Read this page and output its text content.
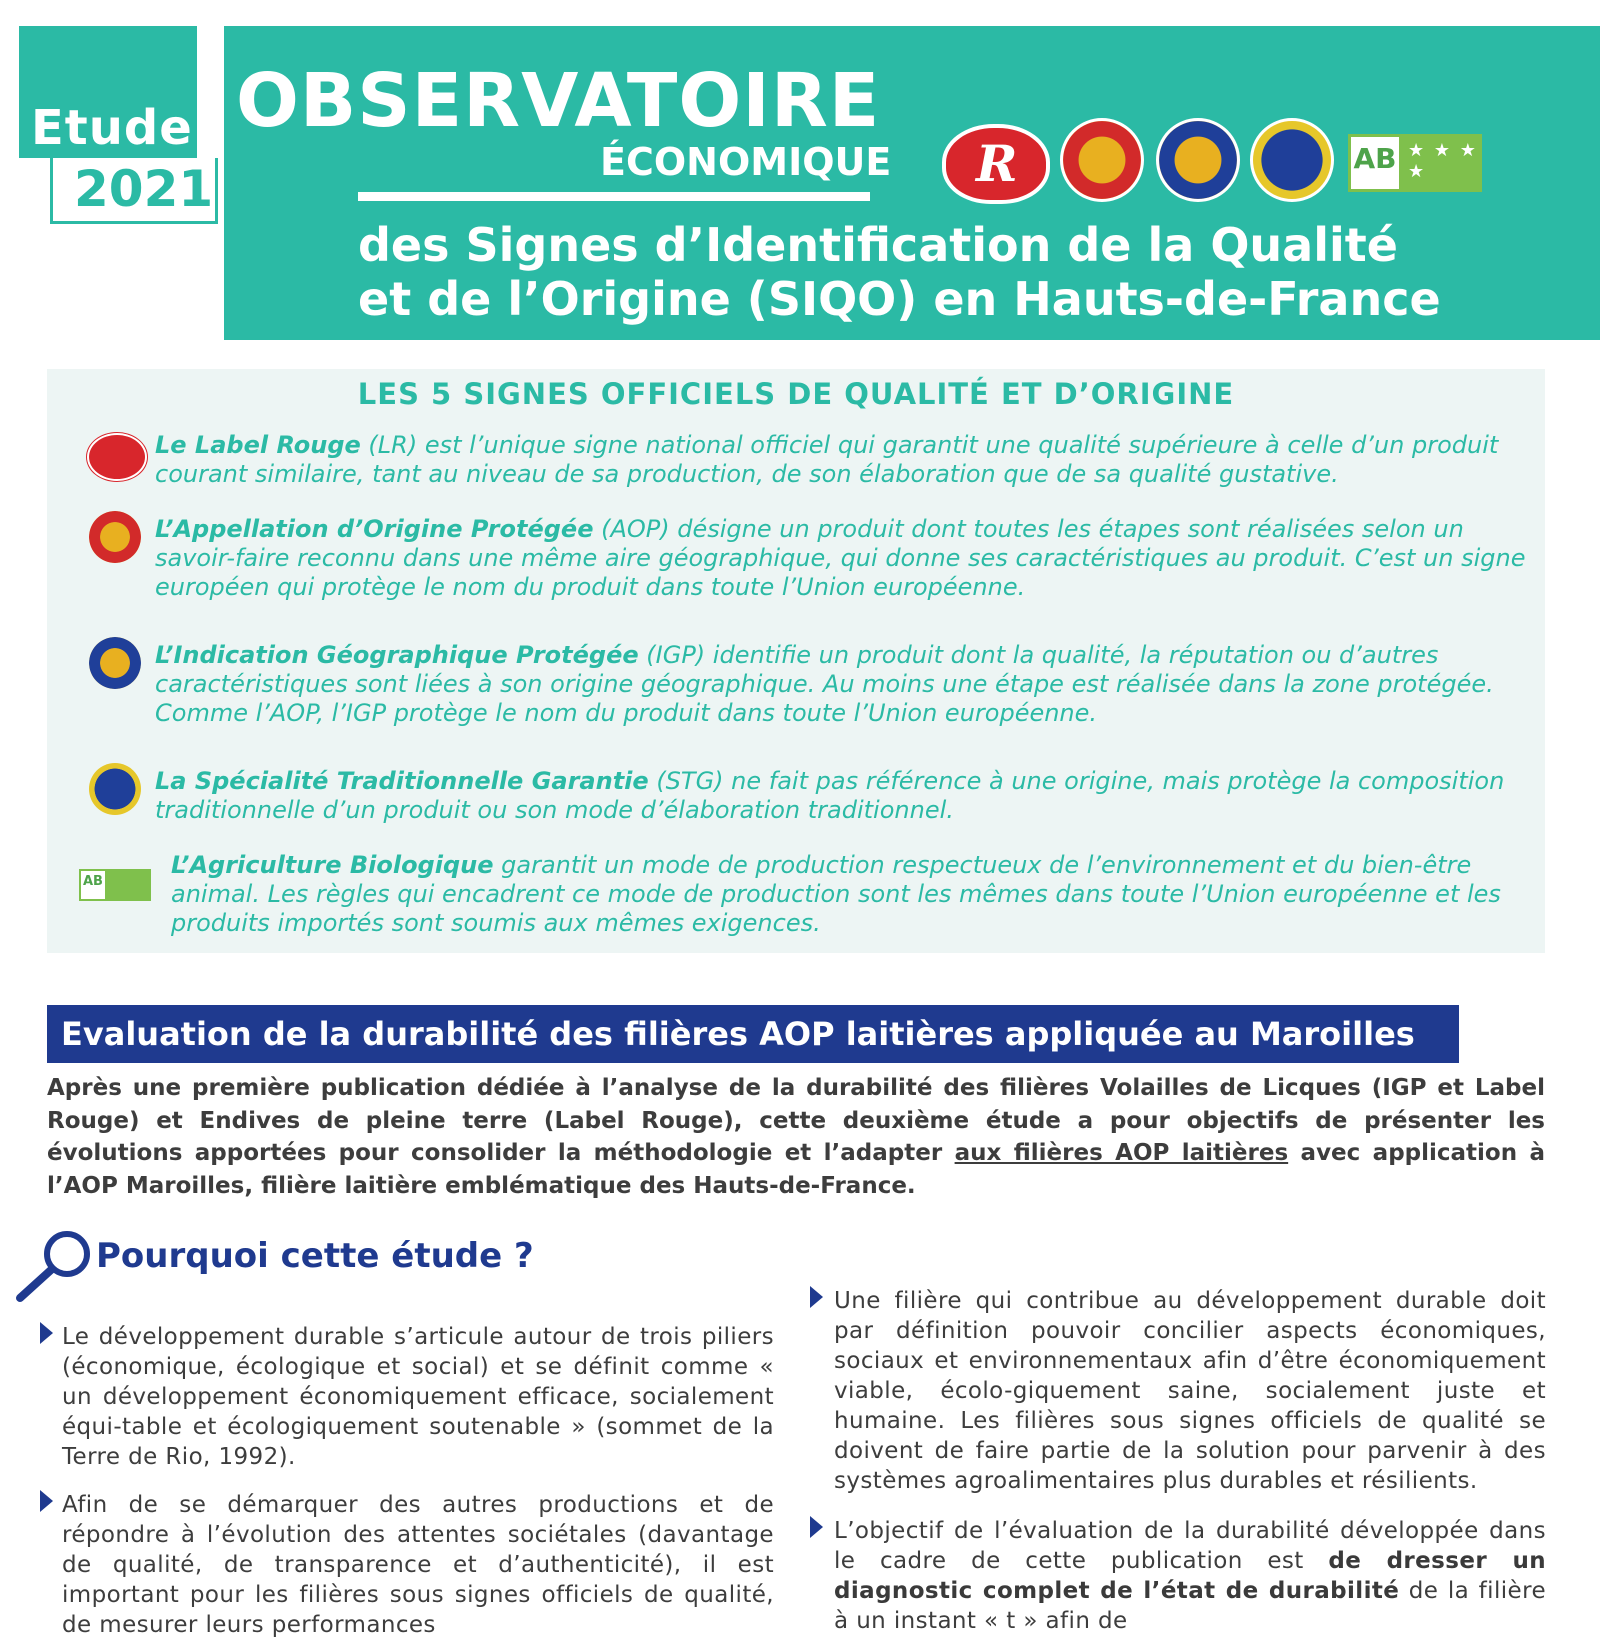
Etude
2021
OBSERVATOIRE
ÉCONOMIQUE
des Signes d’Identification de la Qualité
et de l’Origine (SIQO) en Hauts-de-France
R	AB ★ ★ ★ ★
LES 5 SIGNES OFFICIELS DE QUALITÉ ET D’ORIGINE
Le Label Rouge (LR) est l’unique signe national officiel qui garantit une qualité supérieure à celle d’un produit courant similaire, tant au niveau de sa production, de son élaboration que de sa qualité gustative.
L’Appellation d’Origine Protégée (AOP) désigne un produit dont toutes les étapes sont réalisées selon un savoir-faire reconnu dans une même aire géographique, qui donne ses caractéristiques au produit. C’est un signe européen qui protège le nom du produit dans toute l’Union européenne.
L’Indication Géographique Protégée (IGP) identifie un produit dont la qualité, la réputation ou d’autres caractéristiques sont liées à son origine géographique. Au moins une étape est réalisée dans la zone protégée. Comme l’AOP, l’IGP protège le nom du produit dans toute l’Union européenne.
La Spécialité Traditionnelle Garantie (STG) ne fait pas référence à une origine, mais protège la composition traditionnelle d’un produit ou son mode d’élaboration traditionnel.
AB
L’Agriculture Biologique garantit un mode de production respectueux de l’environnement et du bien-être animal. Les règles qui encadrent ce mode de production sont les mêmes dans toute l’Union européenne et les produits importés sont soumis aux mêmes exigences.
Evaluation de la durabilité des filières AOP laitières appliquée au Maroilles
Après une première publication dédiée à l’analyse de la durabilité des filières Volailles de Licques (IGP et Label Rouge) et Endives de pleine terre (Label Rouge), cette deuxième étude a pour objectifs de présenter les évolutions apportées pour consolider la méthodologie et l’adapter aux filières AOP laitières avec application à l’AOP Maroilles, filière laitière emblématique des Hauts-de-France.
Pourquoi cette étude ?
Le développement durable s’articule autour de trois piliers (économique, écologique et social) et se définit comme « un développement économiquement efficace, socialement équi-table et écologiquement soutenable » (sommet de la Terre de Rio, 1992).
Afin de se démarquer des autres productions et de répondre à l’évolution des attentes sociétales (davantage de qualité, de transparence et d’authenticité), il est important pour les filières sous signes officiels de qualité, de mesurer leurs performances
Une filière qui contribue au développement durable doit par définition pouvoir concilier aspects économiques, sociaux et environnementaux afin d’être économiquement viable, écolo-giquement saine, socialement juste et humaine. Les filières sous signes officiels de qualité se doivent de faire partie de la solution pour parvenir à des systèmes agroalimentaires plus durables et résilients.
L’objectif de l’évaluation de la durabilité développée dans le cadre de cette publication est de dresser un diagnostic complet de l’état de durabilité de la filière à un instant « t » afin de
